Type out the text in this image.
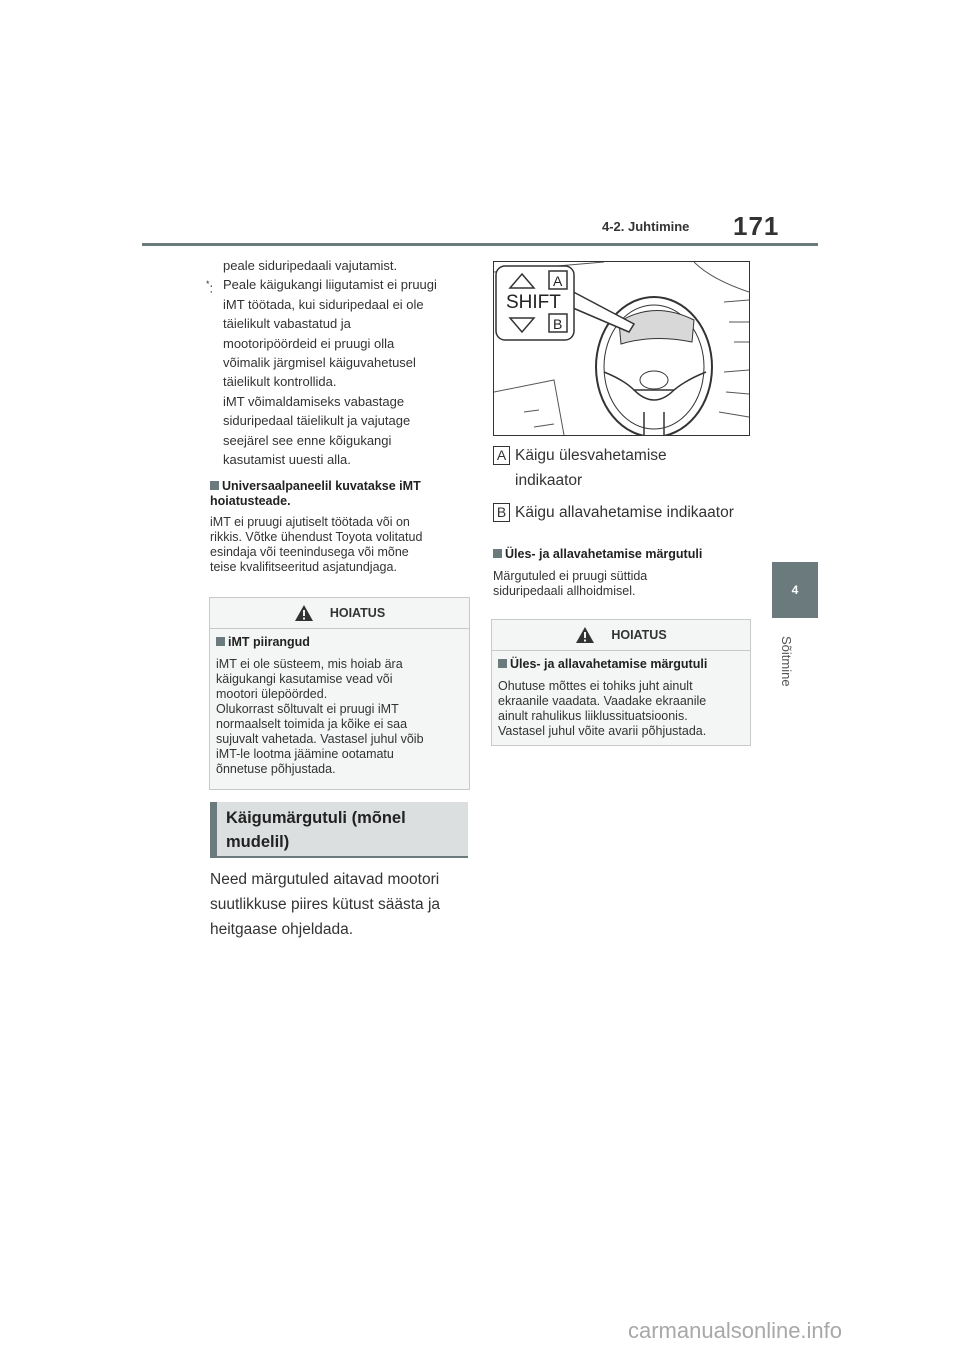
4-2. Juhtimine 171
4
Sõitmine
peale siduripedaali vajutamist.
*: Peale käigukangi liigutamist ei pruugi
iMT töötada, kui siduripedaal ei ole
täielikult vabastatud ja
mootoripöördeid ei pruugi olla
võimalik järgmisel käiguvahetusel
täielikult kontrollida.
iMT võimaldamiseks vabastage
siduripedaal täielikult ja vajutage
seejärel see enne kõigukangi
kasutamist uuesti alla.
Universaalpaneelil kuvatakse iMT hoiatusteade.
iMT ei pruugi ajutiselt töötada või on
rikkis. Võtke ühendust Toyota volitatud
esindaja või teenindusega või mõne
teise kvalifitseeritud asjatundjaga.
HOIATUS
iMT piirangud
iMT ei ole süsteem, mis hoiab ära
käigukangi kasutamise vead või
mootori ülepöörded.
Olukorrast sõltuvalt ei pruugi iMT
normaalselt toimida ja kõike ei saa
sujuvalt vahetada. Vastasel juhul võib
iMT-le lootma jäämine ootamatu
õnnetuse põhjustada.
Käigumärgutuli (mõnel
mudelil)
Need märgutuled aitavad mootori
suutlikkuse piires kütust säästa ja
heitgaase ohjeldada.
SHIFT
A
B
A Käigu ülesvahetamise
indikaator
B Käigu allavahetamise indikaator
Üles- ja allavahetamise märgutuli
Märgutuled ei pruugi süttida
siduripedaali allhoidmisel.
HOIATUS
Üles- ja allavahetamise märgutuli
Ohutuse mõttes ei tohiks juht ainult
ekraanile vaadata. Vaadake ekraanile
ainult rahulikus liiklussituatsioonis.
Vastasel juhul võite avarii põhjustada.
carmanualsonline.info
